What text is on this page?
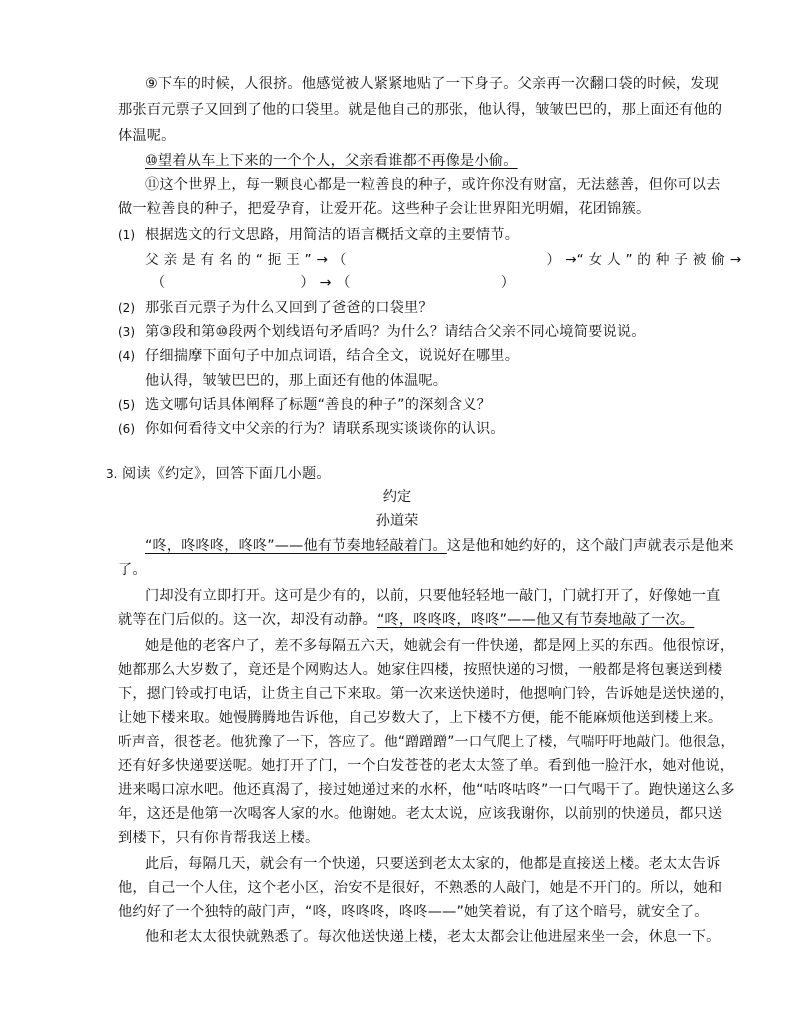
⑨下车的时候，人很挤。他感觉被人紧紧地贴了一下身子。父亲再一次翻口袋的时候，发现
那张百元票子又回到了他的口袋里。就是他自己的那张，他认得，皱皱巴巴的，那上面还有他的
体温呢。
⑩望着从车上下来的一个个人，父亲看谁都不再像是小偷。
⑪这个世界上，每一颗良心都是一粒善良的种子，或许你没有财富，无法慈善，但你可以去
做一粒善良的种子，把爱孕育，让爱开花。这些种子会让世界阳光明媚，花团锦簇。
(1) 根据选文的行文思路，用简洁的语言概括文章的主要情节。
父 亲 是 有 名 的 “ 扼 王 ” → （	） →“ 女 人 ” 的 种 子 被 偷 →
（	） → （	）
(2) 那张百元票子为什么又回到了爸爸的口袋里？
(3) 第③段和第⑩段两个划线语句矛盾吗？为什么？请结合父亲不同心境简要说说。
(4) 仔细揣摩下面句子中加点词语，结合全文，说说好在哪里。
他认得，皱皱巴巴的，那上面还有他的体温呢。
(5) 选文哪句话具体阐释了标题“善良的种子”的深刻含义？
(6) 你如何看待文中父亲的行为？请联系现实谈谈你的认识。
3. 阅读《约定》，回答下面几小题。
约定
孙道荣
“咚，咚咚咚，咚咚”——他有节奏地轻敲着门。这是他和她约好的，这个敲门声就表示是他来
了。
门却没有立即打开。这可是少有的，以前，只要他轻轻地一敲门，门就打开了，好像她一直
就等在门后似的。这一次，却没有动静。“咚，咚咚咚，咚咚”——他又有节奏地敲了一次。
她是他的老客户了，差不多每隔五六天，她就会有一件快递，都是网上买的东西。他很惊讶，
她都那么大岁数了，竟还是个网购达人。她家住四楼，按照快递的习惯，一般都是将包裹送到楼
下，摁门铃或打电话，让货主自己下来取。第一次来送快递时，他摁响门铃，告诉她是送快递的，
让她下楼来取。她慢腾腾地告诉他，自己岁数大了，上下楼不方便，能不能麻烦他送到楼上来。
听声音，很苍老。他犹豫了一下，答应了。他“蹭蹭蹭”一口气爬上了楼，气喘吁吁地敲门。他很急，
还有好多快递要送呢。她打开了门，一个白发苍苍的老太太签了单。看到他一脸汗水，她对他说，
进来喝口凉水吧。他还真渴了，接过她递过来的水杯，他“咕咚咕咚”一口气喝干了。跑快递这么多
年，这还是他第一次喝客人家的水。他谢她。老太太说，应该我谢你，以前别的快递员，都只送
到楼下，只有你肯帮我送上楼。
此后，每隔几天，就会有一个快递，只要送到老太太家的，他都是直接送上楼。老太太告诉
他，自己一个人住，这个老小区，治安不是很好，不熟悉的人敲门，她是不开门的。所以，她和
他约好了一个独特的敲门声，“咚，咚咚咚，咚咚——”她笑着说，有了这个暗号，就安全了。
他和老太太很快就熟悉了。每次他送快递上楼，老太太都会让他进屋来坐一会，休息一下。
